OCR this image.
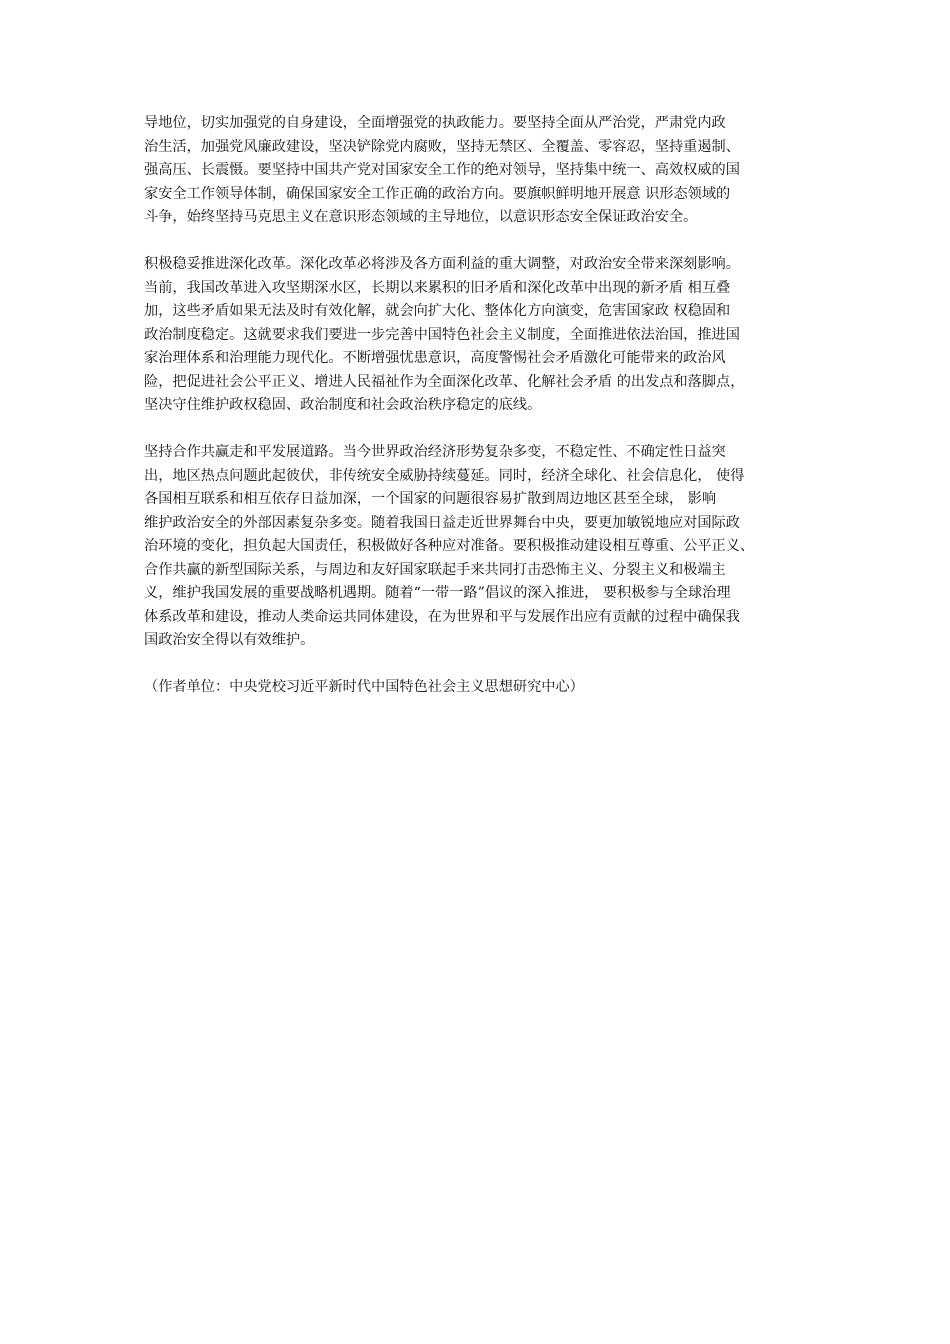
导地位，切实加强党的自身建设，全面增强党的执政能力。要坚持全面从严治党，严肃党内政
治生活，加强党风廉政建设，坚决铲除党内腐败，坚持无禁区、全覆盖、零容忍，坚持重遏制、
强高压、长震慑。要坚持中国共产党对国家安全工作的绝对领导，坚持集中统一、高效权威的国
家安全工作领导体制，确保国家安全工作正确的政治方向。要旗帜鲜明地开展意 识形态领域的
斗争，始终坚持马克思主义在意识形态领域的主导地位，以意识形态安全保证政治安全。

积极稳妥推进深化改革。深化改革必将涉及各方面利益的重大调整，对政治安全带来深刻影响。
当前，我国改革进入攻坚期深水区，长期以来累积的旧矛盾和深化改革中出现的新矛盾 相互叠
加，这些矛盾如果无法及时有效化解，就会向扩大化、整体化方向演变，危害国家政 权稳固和
政治制度稳定。这就要求我们要进一步完善中国特色社会主义制度，全面推进依法治国，推进国
家治理体系和治理能力现代化。不断增强忧患意识，高度警惕社会矛盾激化可能带来的政治风
险，把促进社会公平正义、增进人民福祉作为全面深化改革、化解社会矛盾 的出发点和落脚点，
坚决守住维护政权稳固、政治制度和社会政治秩序稳定的底线。

坚持合作共赢走和平发展道路。当今世界政治经济形势复杂多变，不稳定性、不确定性日益突
出，地区热点问题此起彼伏，非传统安全威胁持续蔓延。同时，经济全球化、社会信息化， 使得
各国相互联系和相互依存日益加深，一个国家的问题很容易扩散到周边地区甚至全球， 影响
维护政治安全的外部因素复杂多变。随着我国日益走近世界舞台中央，要更加敏锐地应对国际政
治环境的变化，担负起大国责任，积极做好各种应对准备。要积极推动建设相互尊重、公平正义、
合作共赢的新型国际关系，与周边和友好国家联起手来共同打击恐怖主义、分裂主义和极端主
义，维护我国发展的重要战略机遇期。随着“一带一路”倡议的深入推进， 要积极参与全球治理
体系改革和建设，推动人类命运共同体建设，在为世界和平与发展作出应有贡献的过程中确保我
国政治安全得以有效维护。

（作者单位：中央党校习近平新时代中国特色社会主义思想研究中心）
